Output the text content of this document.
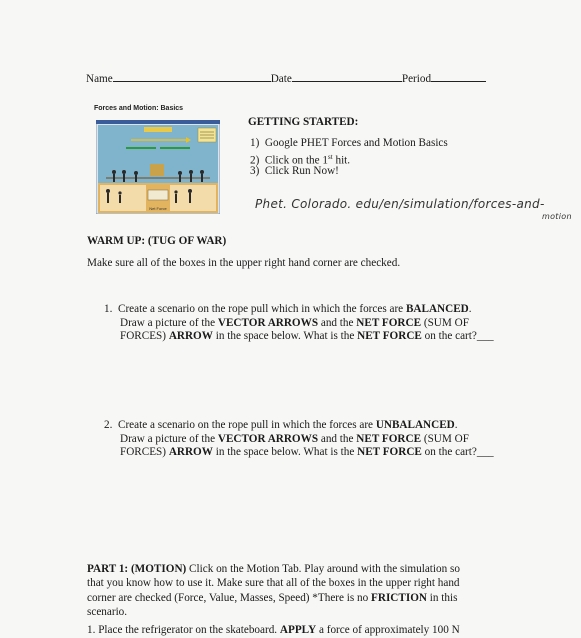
Name	Date	Period
Forces and Motion: Basics
Net Force
GETTING STARTED:
1) Google PHET Forces and Motion Basics
2) Click on the 1st hit.
3) Click Run Now!
Phet. Colorado. edu/en/simulation/forces-and-
motion
WARM UP: (TUG OF WAR)
Make sure all of the boxes in the upper right hand corner are checked.
1. Create a scenario on the rope pull which in which the forces are BALANCED.
Draw a picture of the VECTOR ARROWS and the NET FORCE (SUM OF
FORCES) ARROW in the space below. What is the NET FORCE on the cart?___
2. Create a scenario on the rope pull in which the forces are UNBALANCED.
Draw a picture of the VECTOR ARROWS and the NET FORCE (SUM OF
FORCES) ARROW in the space below. What is the NET FORCE on the cart?___
PART 1: (MOTION) Click on the Motion Tab. Play around with the simulation so
that you know how to use it. Make sure that all of the boxes in the upper right hand
corner are checked (Force, Value, Masses, Speed) *There is no FRICTION in this
scenario.
1. Place the refrigerator on the skateboard. APPLY a force of approximately 100 N
